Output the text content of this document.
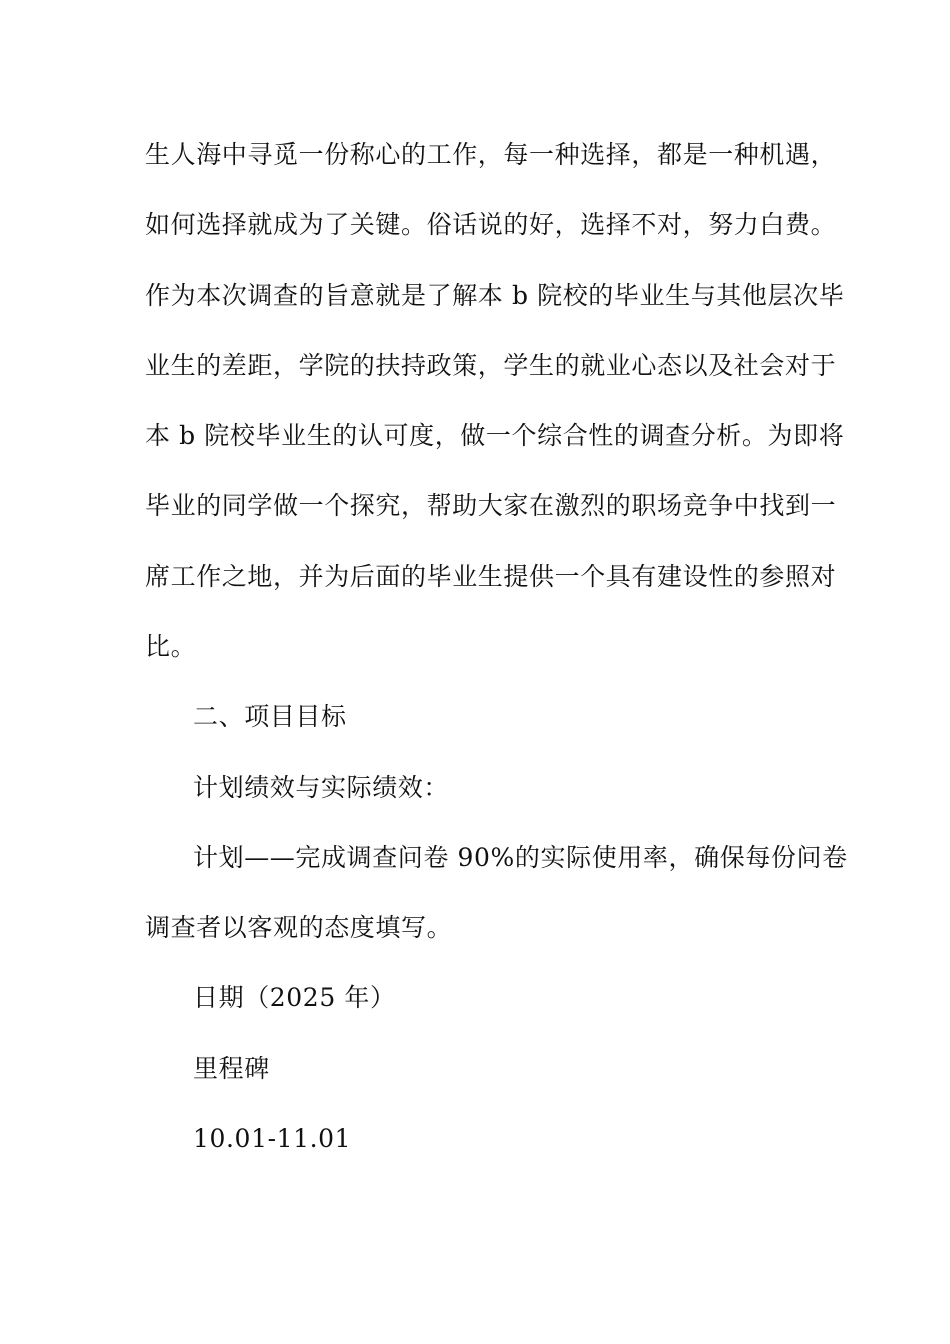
生人海中寻觅一份称心的工作，每一种选择，都是一种机遇，
如何选择就成为了关键。俗话说的好，选择不对，努力白费。
作为本次调查的旨意就是了解本 b 院校的毕业生与其他层次毕
业生的差距，学院的扶持政策，学生的就业心态以及社会对于
本 b 院校毕业生的认可度，做一个综合性的调查分析。为即将
毕业的同学做一个探究，帮助大家在激烈的职场竞争中找到一
席工作之地，并为后面的毕业生提供一个具有建设性的参照对
比。
二、项目目标
计划绩效与实际绩效：
计划——完成调查问卷 90%的实际使用率，确保每份问卷
调查者以客观的态度填写。
日期（2025 年）
里程碑
10.01-11.01
